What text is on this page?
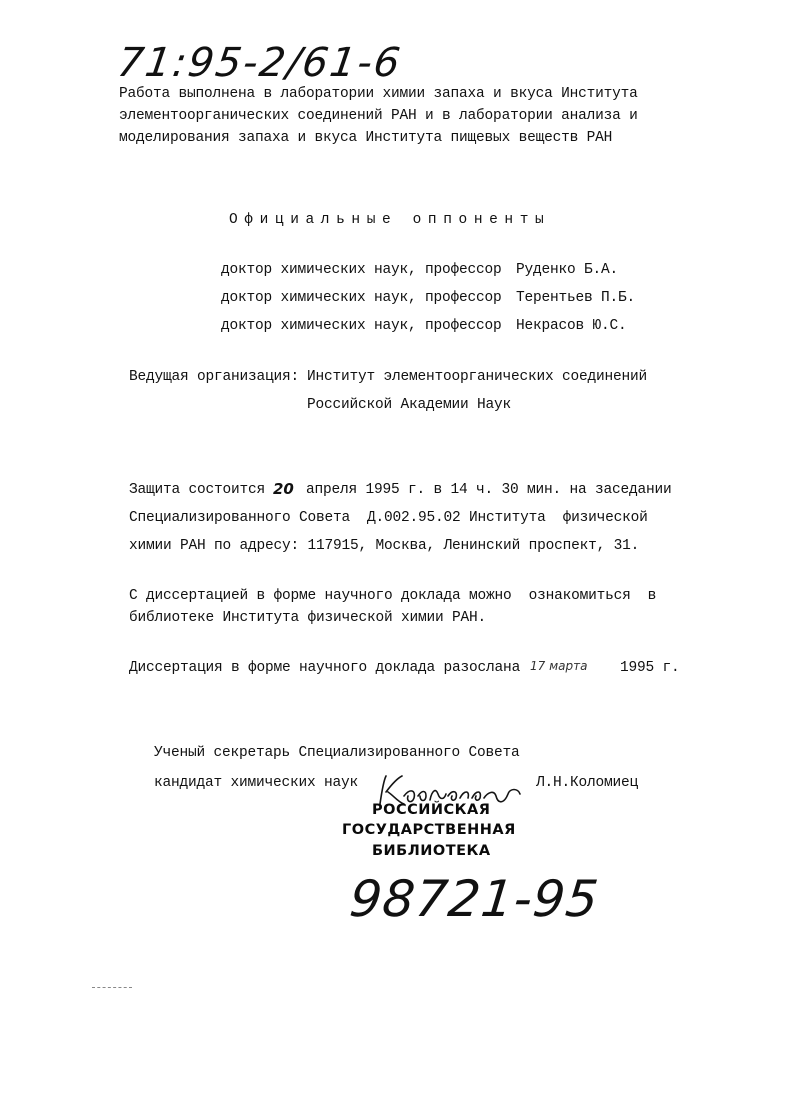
71:95-2/61-6
Работа выполнена в лаборатории химии запаха и вкуса Института
элементоорганических соединений РАН и в лаборатории анализа и
моделирования запаха и вкуса Института пищевых веществ РАН
Официальные оппоненты
доктор химических наук, профессор Руденко Б.А.
доктор химических наук, профессор Терентьев П.Б.
доктор химических наук, профессор Некрасов Ю.С.
Ведущая организация: Институт элементоорганических соединений
Российской Академии Наук
Защита состоится 20 апреля 1995 г. в 14 ч. 30 мин. на заседании
Специализированного Совета  Д.002.95.02 Института  физической
химии РАН по адресу: 117915, Москва, Ленинский проспект, 31.
С диссертацией в форме научного доклада можно  ознакомиться  в
библиотеке Института физической химии РАН.
Диссертация в форме научного доклада разослана 17 марта 1995 г.
Ученый секретарь Специализированного Совета
кандидат химических наук	Л.Н.Коломиец
РОССИЙСКАЯ
ГОСУДАРСТВЕННАЯ
БИБЛИОТЕКА
98721-95
